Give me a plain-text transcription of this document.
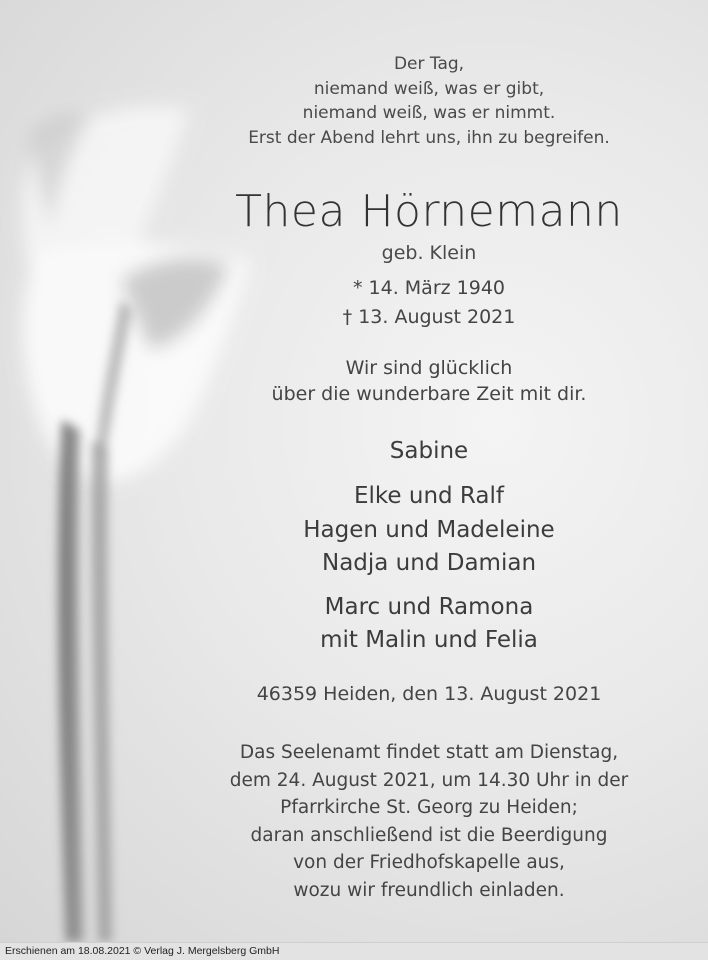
Der Tag,
niemand weiß, was er gibt,
niemand weiß, was er nimmt.
Erst der Abend lehrt uns, ihn zu begreifen.
Thea Hörnemann
geb. Klein
* 14. März 1940
† 13. August 2021
Wir sind glücklich
über die wunderbare Zeit mit dir.
Sabine
Elke und Ralf
Hagen und Madeleine
Nadja und Damian
Marc und Ramona
mit Malin und Felia
46359 Heiden, den 13. August 2021
Das Seelenamt findet statt am Dienstag,
dem 24. August 2021, um 14.30 Uhr in der
Pfarrkirche St. Georg zu Heiden;
daran anschließend ist die Beerdigung
von der Friedhofskapelle aus,
wozu wir freundlich einladen.
Erschienen am 18.08.2021 © Verlag J. Mergelsberg GmbH
